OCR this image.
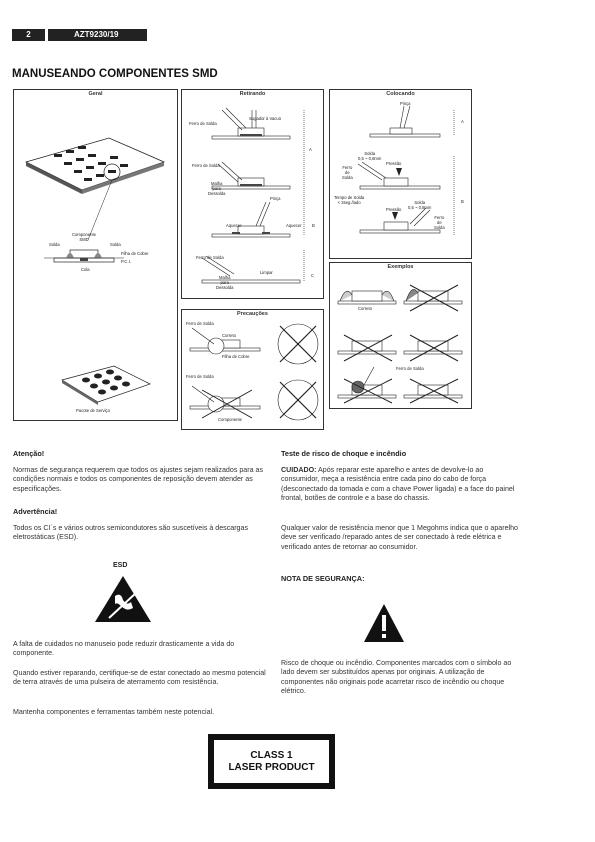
2	AZT9230/19
MANUSEANDO COMPONENTES SMD
Geral
Componente
SMD
Solda	Solda
Filha de Cobre
P.C.I.
Cola
Pacote de Serviço
Retirando
Ferro de Solda
Sugador à Vacuo
Ferro de Solda
Malha
para
Dessolda
Pinça
Aquecer	Aquecer
A
B
Ferro de Solda
Malha
para
Dessolda
Limpar
C
Colocando
Pinça
A
Solda
0,5 ~ 0,8mm
Ferro
de
Solda
Pressão
Tempo de Solda
< 3seg./lado
Pressão
Solda
0,5 ~ 0,8mm
Ferro
de
Solda
B
Exemplos
Correto
Ferro de Solda
Precauções
Ferro de Solda
Correto
Filha de Cobre
Ferro de Solda
Componente
Atenção!
Normas de segurança requerem que todos os ajustes sejam realizados para as condições normais e todos os componentes de reposição devem atender as especificações.
Advertência!
Todos os CI´s e vários outros semicondutores são suscetíveis à descargas eletrostáticas (ESD).
ESD
A falta de cuidados no manuseio pode reduzir drasticamente a vida do componente.
Quando estiver reparando, certifique-se de estar conectado ao mesmo potencial de terra através de uma pulseira de aterramento com resistência.
Mantenha componentes e ferramentas também neste potencial.
Teste de risco de choque e incêndio
CUIDADO: Após reparar este aparelho e antes de devolve-lo ao consumidor, meça a resistência entre cada pino do cabo de força (desconectado da tomada e com a chave Power ligada) e a face do painel frontal, botões de controle e a base do chassis.
Qualquer valor de resistência menor que 1 Megohms indica que o aparelho deve ser verificado /reparado antes de ser conectado à rede elétrica e verificado antes de retornar ao consumidor.
NOTA DE SEGURANÇA:
Risco de choque ou incêndio. Componentes marcados com o símbolo ao lado devem ser substituídos apenas por originais. A utilização de componentes não originais pode acarretar risco de incêndio ou choque elétrico.
CLASS 1
LASER PRODUCT
